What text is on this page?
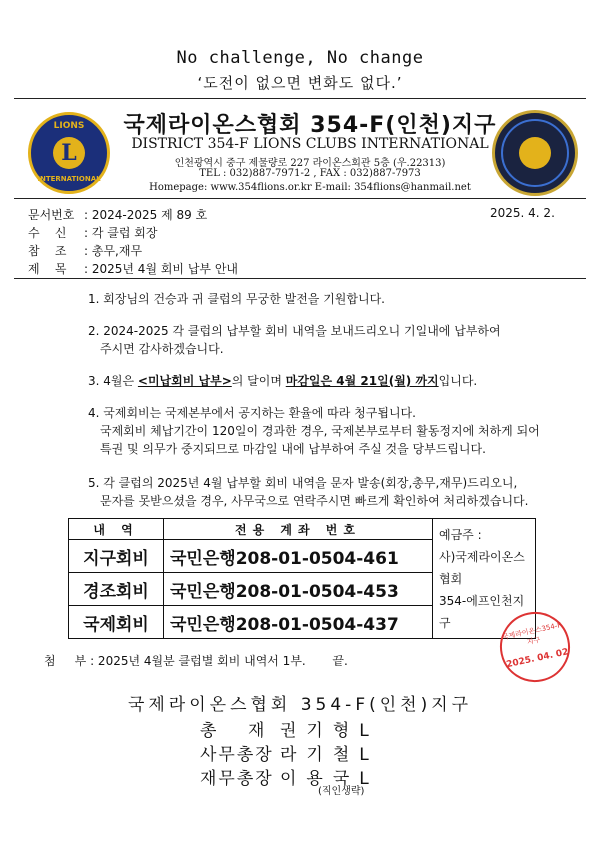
No challenge, No change
‘도전이 없으면 변화도 없다.’
LIONS
L
INTERNATIONAL
국제라이온스협회 354-F(인천)지구
DISTRICT 354-F LIONS CLUBS INTERNATIONAL
인천광역시 중구 제물량로 227 라이온스회관 5층 (우.22313)
TEL : 032)887-7971-2 , FAX : 032)887-7973
Homepage: www.354flions.or.kr E-mail: 354flions@hanmail.net
문서번호 : 2024-2025 제 89 호	2025. 4. 2.
수    신 : 각 클럽 회장
참    조 : 총무,재무
제    목 : 2025년 4월 회비 납부 안내
1. 회장님의 건승과 귀 클럽의 무궁한 발전을 기원합니다.
2. 2024-2025 각 클럽의 납부할 회비 내역을 보내드리오니 기일내에 납부하여
주시면 감사하겠습니다.
3. 4월은 <미납회비 납부>의 달이며 마감일은 4월 21일(월) 까지입니다.
4. 국제회비는 국제본부에서 공지하는 환율에 따라 청구됩니다.
국제회비 체납기간이 120일이 경과한 경우, 국제본부로부터 활동정지에 처하게 되어
특권 및 의무가 중지되므로 마감일 내에 납부하여 주실 것을 당부드립니다.
5. 각 클럽의 2025년 4월 납부할 회비 내역을 문자 발송(회장,총무,재무)드리오니,
문자를 못받으셨을 경우, 사무국으로 연락주시면 빠르게 확인하여 처리하겠습니다.
내 역	전용 계좌 번호	예금주 :
사)국제라이온스협회
354-에프인천지구

지구회비	국민은행208-01-0504-461	
경조회비	국민은행208-01-0504-453	
국제회비	국민은행208-01-0504-437		국제라이온스354-F지구
2025. 04. 02
첨     부 : 2025년 4월분 클럽별 회비 내역서 1부.       끝.
국제라이온스협회 354-F(인천)지구
총    재 권기형L
사무총장 라기철L
재무총장 이용국L
(직인생략)
